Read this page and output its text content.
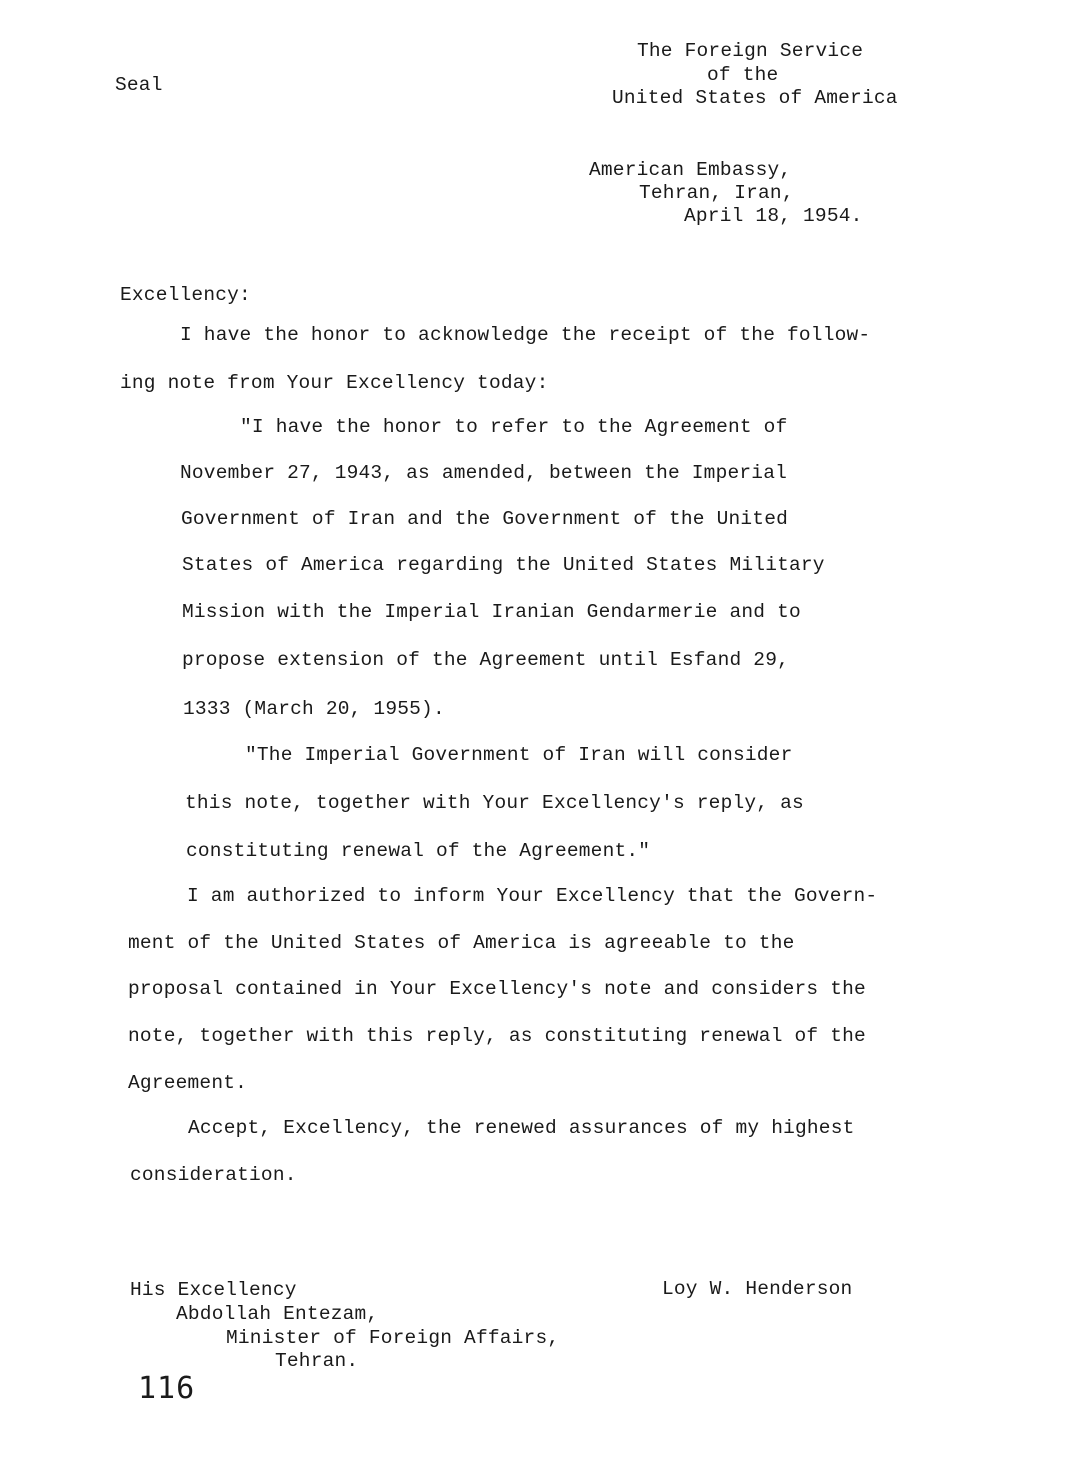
Seal
The Foreign Service
of the
United States of America
American Embassy,
Tehran, Iran,
April 18, 1954.
Excellency:
I have the honor to acknowledge the receipt of the follow-
ing note from Your Excellency today:
"I have the honor to refer to the Agreement of
November 27, 1943, as amended, between the Imperial
Government of Iran and the Government of the United
States of America regarding the United States Military
Mission with the Imperial Iranian Gendarmerie and to
propose extension of the Agreement until Esfand 29,
1333 (March 20, 1955).
"The Imperial Government of Iran will consider
this note, together with Your Excellency's reply, as
constituting renewal of the Agreement."
I am authorized to inform Your Excellency that the Govern-
ment of the United States of America is agreeable to the
proposal contained in Your Excellency's note and considers the
note, together with this reply, as constituting renewal of the
Agreement.
Accept, Excellency, the renewed assurances of my highest
consideration.
His Excellency
Abdollah Entezam,
Minister of Foreign Affairs,
Tehran.
Loy W. Henderson
116
